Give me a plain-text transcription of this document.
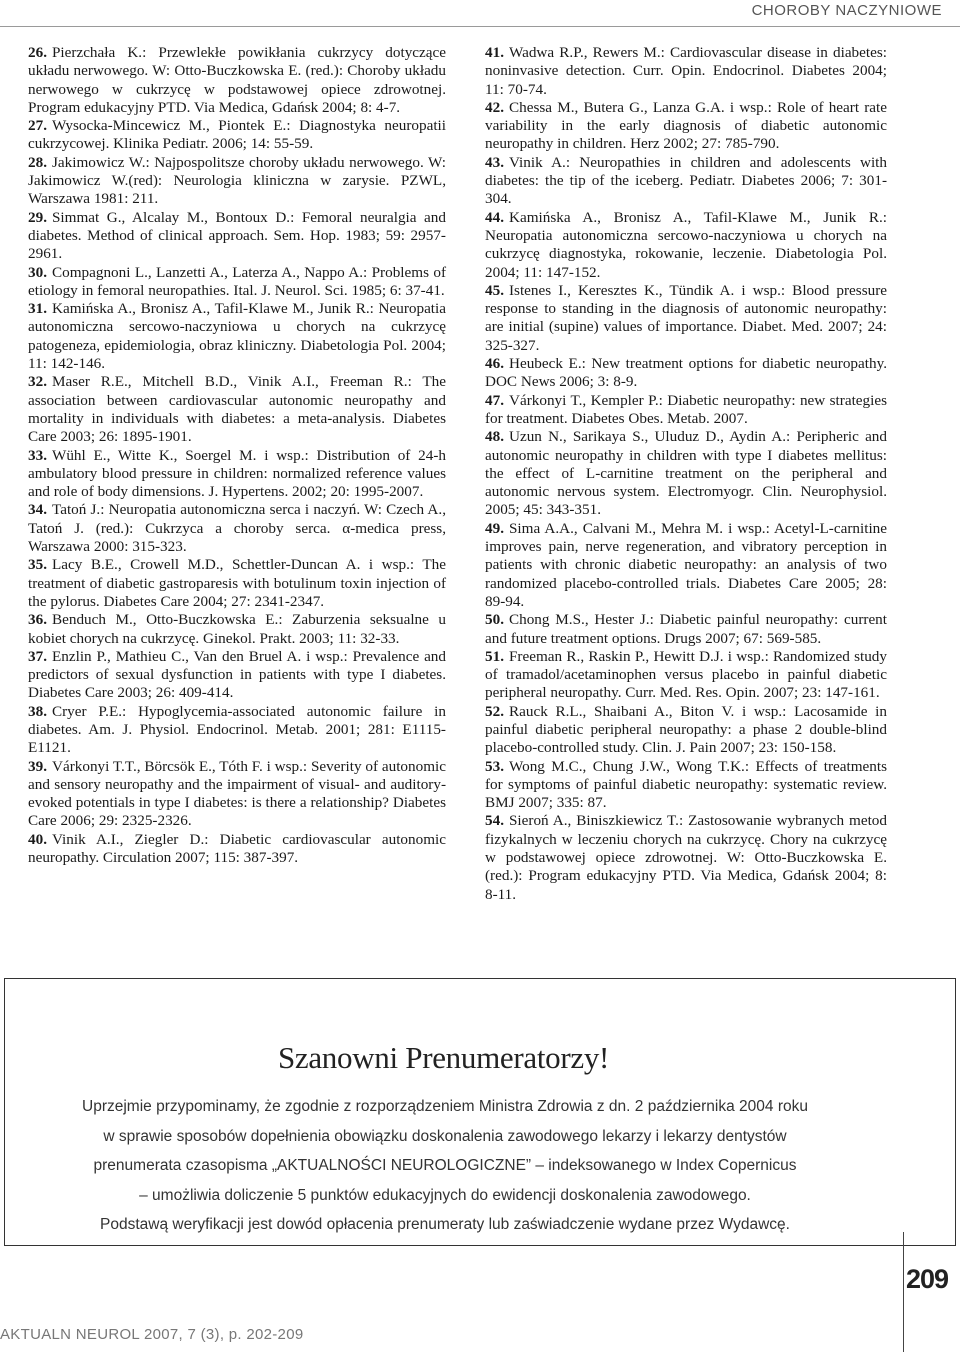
CHOROBY NACZYNIOWE

26. Pierzchała K.: Przewlekłe powikłania cukrzycy dotyczące układu nerwowego. W: Otto-Buczkowska E. (red.): Choroby układu nerwowego w cukrzycę w podstawowej opiece zdrowotnej. Program edukacyjny PTD. Via Medica, Gdańsk 2004; 8: 4-7.

27. Wysocka-Mincewicz M., Piontek E.: Diagnostyka neuropatii cukrzycowej. Klinika Pediatr. 2006; 14: 55-59.

28. Jakimowicz W.: Najpospolitsze choroby układu nerwowego. W: Jakimowicz W.(red): Neurologia kliniczna w zarysie. PZWL, Warszawa 1981: 211.

29. Simmat G., Alcalay M., Bontoux D.: Femoral neuralgia and diabetes. Method of clinical approach. Sem. Hop. 1983; 59: 2957-2961.

30. Compagnoni L., Lanzetti A., Laterza A., Nappo A.: Problems of etiology in femoral neuropathies. Ital. J. Neurol. Sci. 1985; 6: 37-41.

31. Kamińska A., Bronisz A., Tafil-Klawe M., Junik R.: Neuropatia autonomiczna sercowo-naczyniowa u chorych na cukrzycę patogeneza, epidemiologia, obraz kliniczny. Diabetologia Pol. 2004; 11: 142-146.

32. Maser R.E., Mitchell B.D., Vinik A.I., Freeman R.: The association between cardiovascular autonomic neuropathy and mortality in individuals with diabetes: a meta-analysis. Diabetes Care 2003; 26: 1895-1901.

33. Wühl E., Witte K., Soergel M. i wsp.: Distribution of 24-h ambulatory blood pressure in children: normalized reference values and role of body dimensions. J. Hypertens. 2002; 20: 1995-2007.

34. Tatoń J.: Neuropatia autonomiczna serca i naczyń. W: Czech A., Tatoń J. (red.): Cukrzyca a choroby serca. α-medica press, Warszawa 2000: 315-323.

35. Lacy B.E., Crowell M.D., Schettler-Duncan A. i wsp.: The treatment of diabetic gastroparesis with botulinum toxin injection of the pylorus. Diabetes Care 2004; 27: 2341-2347.

36. Benduch M., Otto-Buczkowska E.: Zaburzenia seksualne u kobiet chorych na cukrzycę. Ginekol. Prakt. 2003; 11: 32-33.

37. Enzlin P., Mathieu C., Van den Bruel A. i wsp.: Prevalence and predictors of sexual dysfunction in patients with type I diabetes. Diabetes Care 2003; 26: 409-414.

38. Cryer P.E.: Hypoglycemia-associated autonomic failure in diabetes. Am. J. Physiol. Endocrinol. Metab. 2001; 281: E1115-E1121.

39. Várkonyi T.T., Börcsök E., Tóth F. i wsp.: Severity of autonomic and sensory neuropathy and the impairment of visual- and auditory-evoked potentials in type I diabetes: is there a relationship? Diabetes Care 2006; 29: 2325-2326.

40. Vinik A.I., Ziegler D.: Diabetic cardiovascular autonomic neuropathy. Circulation 2007; 115: 387-397.

41. Wadwa R.P., Rewers M.: Cardiovascular disease in diabetes: noninvasive detection. Curr. Opin. Endocrinol. Diabetes 2004; 11: 70-74.

42. Chessa M., Butera G., Lanza G.A. i wsp.: Role of heart rate variability in the early diagnosis of diabetic autonomic neuropathy in children. Herz 2002; 27: 785-790.

43. Vinik A.: Neuropathies in children and adolescents with diabetes: the tip of the iceberg. Pediatr. Diabetes 2006; 7: 301-304.

44. Kamińska A., Bronisz A., Tafil-Klawe M., Junik R.: Neuropatia autonomiczna sercowo-naczyniowa u chorych na cukrzycę diagnostyka, rokowanie, leczenie. Diabetologia Pol. 2004; 11: 147-152.

45. Istenes I., Keresztes K., Tündik A. i wsp.: Blood pressure response to standing in the diagnosis of autonomic neuropathy: are initial (supine) values of importance. Diabet. Med. 2007; 24: 325-327.

46. Heubeck E.: New treatment options for diabetic neuropathy. DOC News 2006; 3: 8-9.

47. Várkonyi T., Kempler P.: Diabetic neuropathy: new strategies for treatment. Diabetes Obes. Metab. 2007.

48. Uzun N., Sarikaya S., Uluduz D., Aydin A.: Peripheric and autonomic neuropathy in children with type I diabetes mellitus: the effect of L-carnitine treatment on the peripheral and autonomic nervous system. Electromyogr. Clin. Neurophysiol. 2005; 45: 343-351.

49. Sima A.A., Calvani M., Mehra M. i wsp.: Acetyl-L-carnitine improves pain, nerve regeneration, and vibratory perception in patients with chronic diabetic neuropathy: an analysis of two randomized placebo-controlled trials. Diabetes Care 2005; 28: 89-94.

50. Chong M.S., Hester J.: Diabetic painful neuropathy: current and future treatment options. Drugs 2007; 67: 569-585.

51. Freeman R., Raskin P., Hewitt D.J. i wsp.: Randomized study of tramadol/acetaminophen versus placebo in painful diabetic peripheral neuropathy. Curr. Med. Res. Opin. 2007; 23: 147-161.

52. Rauck R.L., Shaibani A., Biton V. i wsp.: Lacosamide in painful diabetic peripheral neuropathy: a phase 2 double-blind placebo-controlled study. Clin. J. Pain 2007; 23: 150-158.

53. Wong M.C., Chung J.W., Wong T.K.: Effects of treatments for symptoms of painful diabetic neuropathy: systematic review. BMJ 2007; 335: 87.

54. Sieroń A., Biniszkiewicz T.: Zastosowanie wybranych metod fizykalnych w leczeniu chorych na cukrzycę. Chory na cukrzycę w podstawowej opiece zdrowotnej. W: Otto-Buczkowska E. (red.): Program edukacyjny PTD. Via Medica, Gdańsk 2004; 8: 8-11.

Szanowni Prenumeratorzy!
Uprzejmie przypominamy, że zgodnie z rozporządzeniem Ministra Zdrowia z dn. 2 października 2004 roku
w sprawie sposobów dopełnienia obowiązku doskonalenia zawodowego lekarzy i lekarzy dentystów
prenumerata czasopisma „AKTUALNOŚCI NEUROLOGICZNE” – indeksowanego w Index Copernicus
– umożliwia doliczenie 5 punktów edukacyjnych do ewidencji doskonalenia zawodowego.
Podstawą weryfikacji jest dowód opłacenia prenumeraty lub zaświadczenie wydane przez Wydawcę.
209
AKTUALN NEUROL 2007, 7 (3), p. 202-209
